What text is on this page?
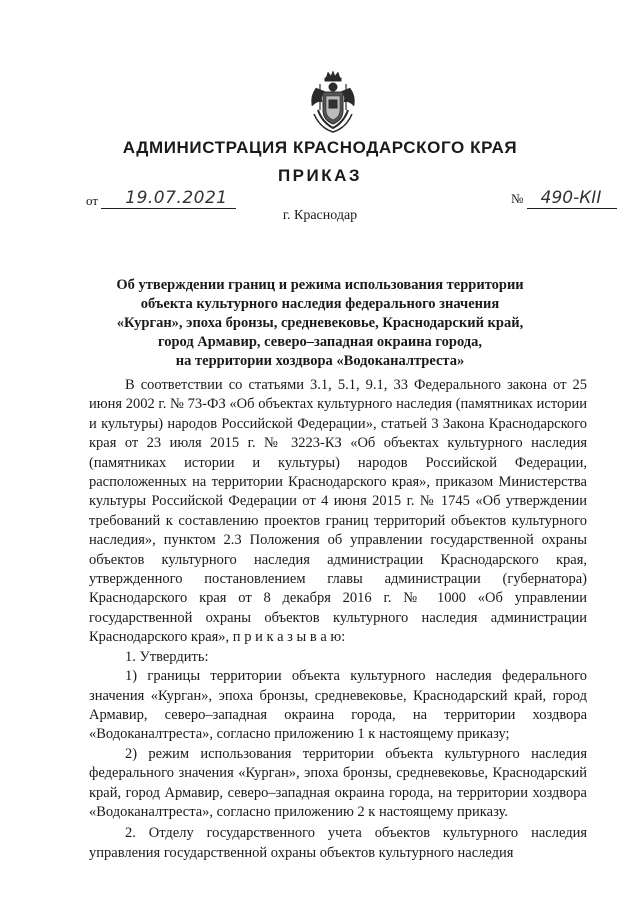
АДМИНИСТРАЦИЯ КРАСНОДАРСКОГО КРАЯ
ПРИКАЗ
от 19.07.2021	№ 490-КII
г. Краснодар
Об утверждении границ и режима использования территории
объекта культурного наследия федерального значения
«Курган», эпоха бронзы, средневековье, Краснодарский край,
город Армавир, северо–западная окраина города,
на территории хоздвора «Водоканалтреста»

В соответствии со статьями 3.1, 5.1, 9.1, 33 Федерального закона от 25 июня 2002 г. № 73-ФЗ «Об объектах культурного наследия (памятниках истории и культуры) народов Российской Федерации», статьей 3 Закона Краснодарского края от 23 июля 2015 г. № 3223-КЗ «Об объектах культурного наследия (памятниках истории и культуры) народов Российской Федерации, расположенных на территории Краснодарского края», приказом Министерства культуры Российской Федерации от 4 июня 2015 г. № 1745 «Об утверждении требований к составлению проектов границ территорий объектов культурного наследия», пунктом 2.3 Положения об управлении государственной охраны объектов культурного наследия администрации Краснодарского края, утвержденного постановлением главы администрации (губернатора) Краснодарского края от 8 декабря 2016 г. № 1000 «Об управлении государственной охраны объектов культурного наследия администрации Краснодарского края», п р и к а з ы в а ю:

1. Утвердить:

1) границы территории объекта культурного наследия федерального значения «Курган», эпоха бронзы, средневековье, Краснодарский край, город Армавир, северо–западная окраина города, на территории хоздвора «Водоканалтреста», согласно приложению 1 к настоящему приказу;

2) режим использования территории объекта культурного наследия федерального значения «Курган», эпоха бронзы, средневековье, Краснодарский край, город Армавир, северо–западная окраина города, на территории хоздвора «Водоканалтреста», согласно приложению 2 к настоящему приказу.

2. Отделу государственного учета объектов культурного наследия управления государственной охраны объектов культурного наследия
